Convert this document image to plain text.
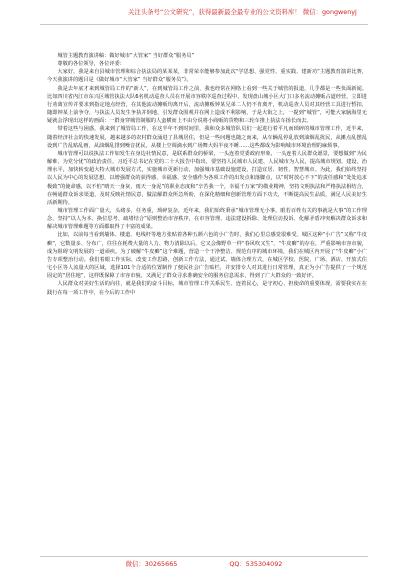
关注头条号“公文研究”，获得最新最全最专业的公文资料库！ 微信：gongwenyj

城管主题教育演讲稿：做好城市“大管家” 当好群众“服务员”

尊敬的各位领导，各位评委：

大家好，我是来自县城市管理和综合执法局的某某某，非常荣幸能够参加此次“学思想、强党性、重实践、建新功”主题教育演讲比赛，今天我演讲的题目是《做好城市“大管家” 当好群众“服务员”》。

我是去年底才来到城管局工作的“新人”，在到城管局工作之前，我也经常在网络上看到一些关于城管的报道，几乎都是一些负面新闻。比如四川省内江市东兴区城管执法大队6名机动巡查人员在开展市容秩序巡查过程中，发现盘山城小区大门口多名流动摊贩占道经营，立即进行劝离宣传并要求到指定地点经营，在其他流动摊贩均离开后，流动摊贩钟某兄弟二人仍不肯离开，机动巡查人员对其经营工具进行暂扣，随即钟某上前争夺，与执法人员发生争执并倒地，引发群众围观并在网上造成不利影响，于是大街之上，一提到“城管”，可能大家脑海里无疑就会浮现出这样的画面：一群身穿城管制服的人蛮横而上不由分说将小商贩的货物和三轮车推上执法车扬长而去。

带着这些与困惑，我来到了城管局工作，在这半年不到时间里，我和众多城管队员们一起进行着平凡而琐碎的城市管理工作，近半来，随着经济社会的快速发展，越来越多的农村群众涌进了县城居住，但是一些问题也随之而来，从车辆乱停乱放到油烟乱扰民，从摊点乱摆乱设到广告乱贴乱画，从油烟乱排到噪音扰民，从楼上空调滴水到广场舞大妈半夜不睡……这些都成为影响城市环境治理的麻烦事。

城市管理可以说执法工作如发生在身边社情民意，是联系群众的桥梁，一头连着党委政府形象，一头连着人民群众愿景，要想做到“为民解难、为党分忧”的政治责任，习近平总书记在党的二十大报告中指出，要坚持人民城市人民建、人民城市为人民，提高城市规划、建设、治理水平，加快转变超大特大城市发展方式，实施城市更新行动，加强城市基础设施建设，打造宜居、韧性、智慧城市。为此，我们始终坚持以人民为中心的发展思想，以增强群众的获得感、幸福感、安全感作为各项工作的出发点和落脚点，以“时时放心不下”的责任感和“处处追求极致”的使命感，以不怕“晴天一身灰、雨天一身泥”的职业态度和“辛苦我一个，幸福千万家”的敬业精神，坚持文明执法和严格执法相结合，在畅通群众诉求渠道，及时反映社情民意，做法解群众所急所盼，在深化精细和创新管理方面下功夫，不断提高民生品质，满足人民美好生活新期待。

城市管理工作面广量大，头绪多，任务重，琐碎复杂，近年来，我们始终秉承“城市管理无小事，眼若百姓有关的事就是大事”的工作理念，坚持“以人为本、换位思考、疏堵结合”原则整治市容秩序，在市容管理、违法建设拆除、处理信访投诉、化解矛盾冲突解决群众诉求和解决城市管理难题等方面都取得了丰富的成果。

比如，以前每当看到墙体、楼道、电线杆等地方张贴着各种五颜六色的小广告时，我们心里总感觉很难受。城区这种“小广告”又称“牛皮癣”，它数量多、分布广，往往在耗费大量的人力、物力清除以后，它又会像野草一样“春风吹又生”，“牛皮癣”的存在，严重影响市容市貌，成为阻碍文明发展的一道顽疾。为了破解“牛皮癣”这个难题，营造一个干净整洁、规范有序的城市环境，我们在城区内开展了“牛皮癣”小广告专项整治行动。我们着眼工作实际，改变工作思路，创新工作方法，通过试、墙体合理方式，在城区学校、医院、广场、酒店、开放式住宅小区等人流量大的区域，选择101个合适的位置制作了便民社会广告贴栏，并安排专人对其进行日常管理，真正为小广告提供了一个规范固定的“居住地”，这样既保障了市容市貌，又满足了群众寻求准确安全的服务信息需求，得到了广大群众的一致好评。

人民群众对美好生活的向往，就是我们的奋斗目标，城市管理工作关系民生、连着民心，是守初心、担使命的重要体现，需要我实在在践行在每一项工作中，在今后的工作中

微信：30265665	QQ：535304092
